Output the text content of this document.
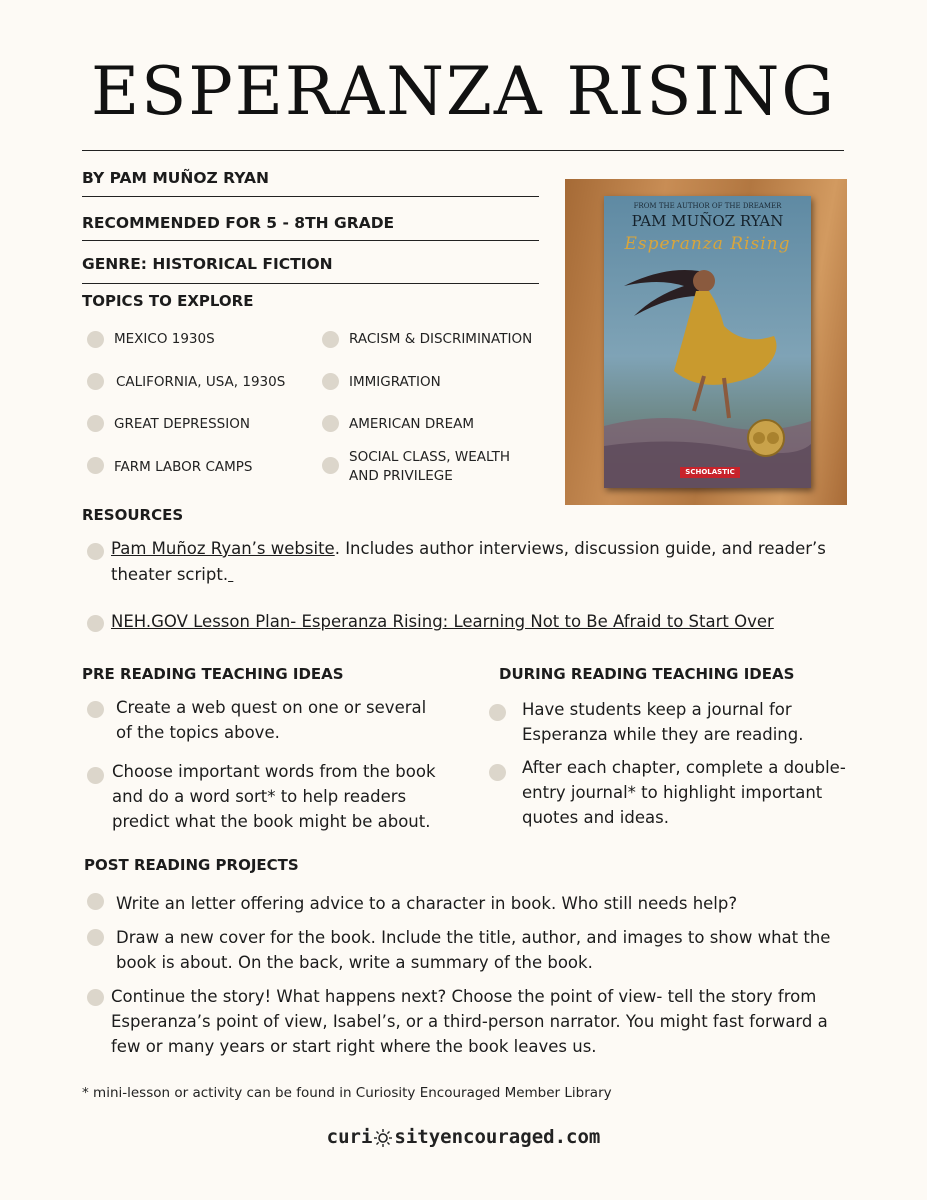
ESPERANZA RISING
BY PAM MUÑOZ RYAN
RECOMMENDED FOR 5 - 8TH GRADE
GENRE: HISTORICAL FICTION
TOPICS TO EXPLORE
MEXICO 1930S
CALIFORNIA, USA, 1930S
GREAT DEPRESSION
FARM LABOR CAMPS
RACISM & DISCRIMINATION
IMMIGRATION
AMERICAN DREAM
SOCIAL CLASS, WEALTH
AND PRIVILEGE
FROM THE AUTHOR OF THE DREAMER
PAM MUÑOZ RYAN
Esperanza Rising
SCHOLASTIC
RESOURCES
Pam Muñoz Ryan’s website. Includes author interviews, discussion guide, and reader’s
theater script.
NEH.GOV Lesson Plan- Esperanza Rising: Learning Not to Be Afraid to Start Over
PRE READING TEACHING IDEAS
Create a web quest on one or several
of the topics above.
Choose important words from the book
and do a word sort* to help readers
predict what the book might be about.
DURING READING TEACHING IDEAS
Have students keep a journal for
Esperanza while they are reading.
After each chapter, complete a double-
entry journal* to highlight important
quotes and ideas.
POST READING PROJECTS
Write an letter offering advice to a character in book. Who still needs help?
Draw a new cover for the book. Include the title, author, and images to show what the
book is about. On the back, write a summary of the book.
Continue the story! What happens next? Choose the point of view- tell the story from
Esperanza’s point of view, Isabel’s, or a third-person narrator. You might fast forward a
few or many years or start right where the book leaves us.
* mini-lesson or activity can be found in Curiosity Encouraged Member Library
curi sityencouraged.com
